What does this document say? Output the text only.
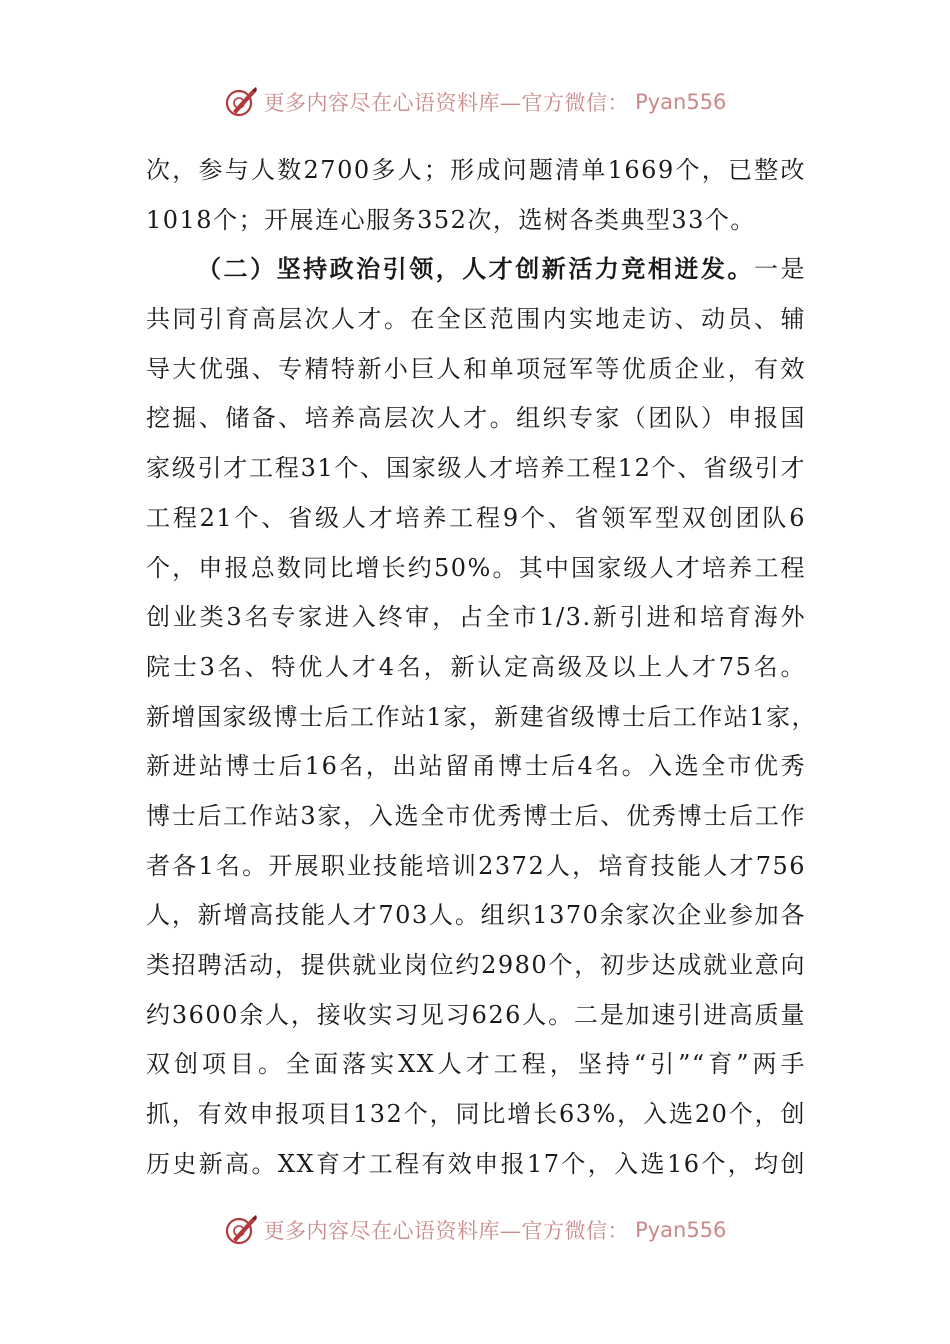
更多内容尽在心语资料库—官方微信： Pyan556
次，参与人数2700多人；形成问题清单1669个，已整改
1018个；开展连心服务352次，选树各类典型33个。
（二）坚持政治引领，人才创新活力竞相迸发。一是
共同引育高层次人才。在全区范围内实地走访、动员、辅
导大优强、专精特新小巨人和单项冠军等优质企业，有效
挖掘、储备、培养高层次人才。组织专家（团队）申报国
家级引才工程31个、国家级人才培养工程12个、省级引才
工程21个、省级人才培养工程9个、省领军型双创团队6
个，申报总数同比增长约50%。其中国家级人才培养工程
创业类3名专家进入终审，占全市1/3.新引进和培育海外
院士3名、特优人才4名，新认定高级及以上人才75名。
新增国家级博士后工作站1家，新建省级博士后工作站1家，
新进站博士后16名，出站留甬博士后4名。入选全市优秀
博士后工作站3家，入选全市优秀博士后、优秀博士后工作
者各1名。开展职业技能培训2372人，培育技能人才756
人，新增高技能人才703人。组织1370余家次企业参加各
类招聘活动，提供就业岗位约2980个，初步达成就业意向
约3600余人，接收实习见习626人。二是加速引进高质量
双创项目。全面落实XX人才工程，坚持“引”“育”两手
抓，有效申报项目132个，同比增长63%，入选20个，创
历史新高。XX育才工程有效申报17个，入选16个，均创
更多内容尽在心语资料库—官方微信： Pyan556
